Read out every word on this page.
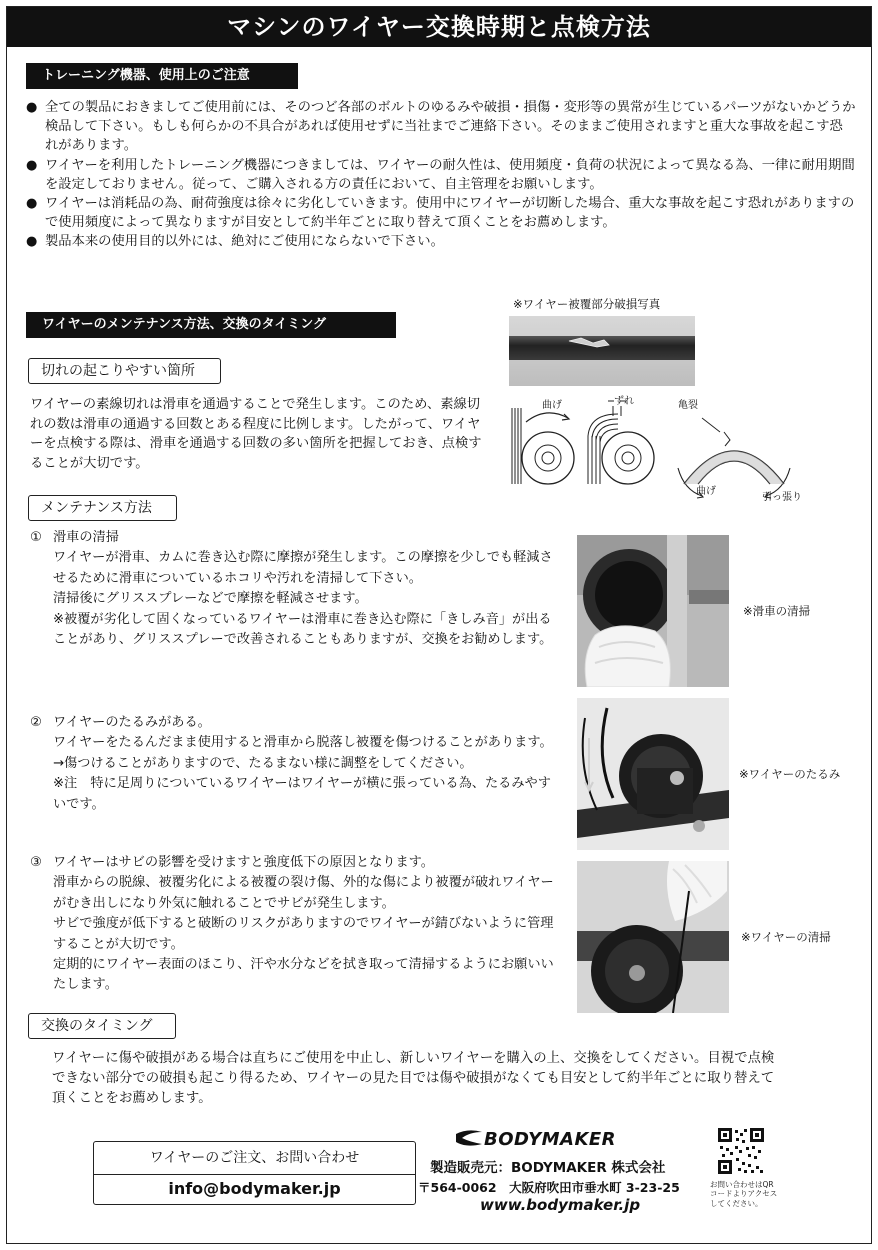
マシンのワイヤー交換時期と点検方法
トレーニング機器、使用上のご注意
● 全ての製品におきましてご使用前には、そのつど各部のボルトのゆるみや破損・損傷・変形等の異常が生じているパーツがないかどうか検品して下さい。もしも何らかの不具合があれば使用せずに当社までご連絡下さい。そのままご使用されますと重大な事故を起こす恐れがあります。
● ワイヤーを利用したトレーニング機器につきましては、ワイヤーの耐久性は、使用頻度・負荷の状況によって異なる為、一律に耐用期間を設定しておりません。従って、ご購入される方の責任において、自主管理をお願いします。
● ワイヤーは消耗品の為、耐荷強度は徐々に劣化していきます。使用中にワイヤーが切断した場合、重大な事故を起こす恐れがありますので使用頻度によって異なりますが目安として約半年ごとに取り替えて頂くことをお薦めします。
● 製品本来の使用目的以外には、絶対にご使用にならないで下さい。
ワイヤーのメンテナンス方法、交換のタイミング
※ワイヤー被覆部分破損写真
切れの起こりやすい箇所
ワイヤーの素線切れは滑車を通過することで発生します。このため、素線切れの数は滑車の通過する回数とある程度に比例します。したがって、ワイヤーを点検する際は、滑車を通過する回数の多い箇所を把握しておき、点検することが大切です。
曲げ	ずれ	亀裂
曲げ
引っ張り
メンテナンス方法
① 滑車の清掃
ワイヤーが滑車、カムに巻き込む際に摩擦が発生します。この摩擦を少しでも軽減させるために滑車についているホコリや汚れを清掃して下さい。
清掃後にグリススプレーなどで摩擦を軽減させます。
※被覆が劣化して固くなっているワイヤーは滑車に巻き込む際に「きしみ音」が出ることがあり、グリススプレーで改善されることもありますが、交換をお勧めします。
※滑車の清掃
② ワイヤーのたるみがある。
ワイヤーをたるんだまま使用すると滑車から脱落し被覆を傷つけることがあります。
→傷つけることがありますので、たるまない様に調整をしてください。
※注　特に足周りについているワイヤーはワイヤーが横に張っている為、たるみやすいです。
※ワイヤーのたるみ
③ ワイヤーはサビの影響を受けますと強度低下の原因となります。
滑車からの脱線、被覆劣化による被覆の裂け傷、外的な傷により被覆が破れワイヤーがむき出しになり外気に触れることでサビが発生します。
サビで強度が低下すると破断のリスクがありますのでワイヤーが錆びないように管理することが大切です。
定期的にワイヤー表面のほこり、汗や水分などを拭き取って清掃するようにお願いいたします。
※ワイヤーの清掃
交換のタイミング
ワイヤーに傷や破損がある場合は直ちにご使用を中止し、新しいワイヤーを購入の上、交換をしてください。目視で点検できない部分での破損も起こり得るため、ワイヤーの見た目では傷や破損がなくても目安として約半年ごとに取り替えて頂くことをお薦めします。
ワイヤーのご注文、お問い合わせ
info@bodymaker.jp
BODYMAKER
製造販売元：BODYMAKER 株式会社
〒564-0062　大阪府吹田市垂水町 3-23-25
www.bodymaker.jp
お問い合わせはQRコードよりアクセスしてください。
